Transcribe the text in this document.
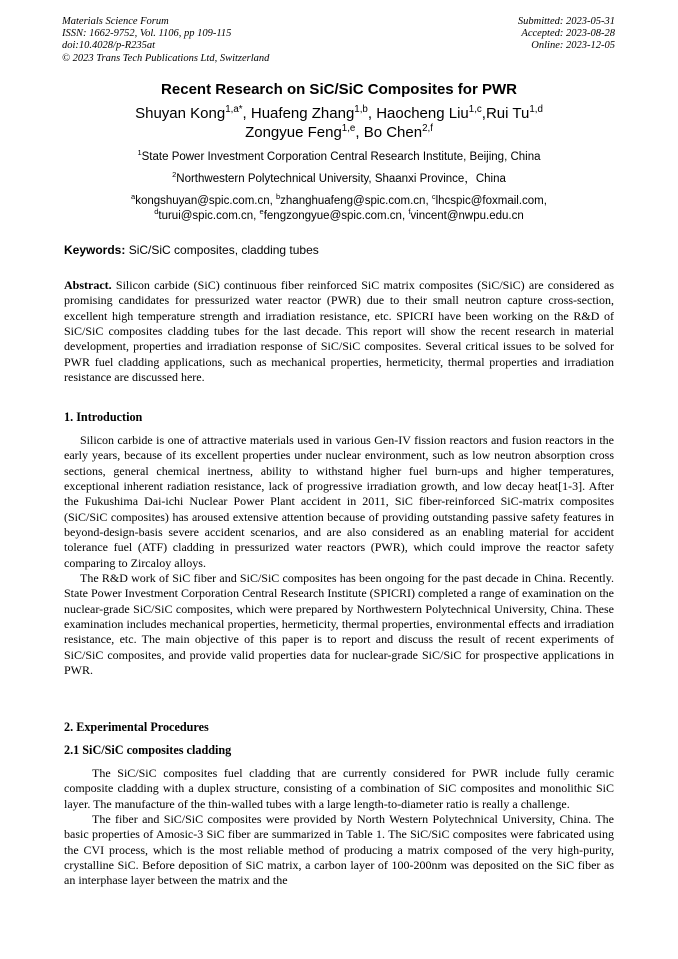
Materials Science Forum
ISSN: 1662-9752, Vol. 1106, pp 109-115
doi:10.4028/p-R235at
© 2023 Trans Tech Publications Ltd, Switzerland
Submitted: 2023-05-31
Accepted: 2023-08-28
Online: 2023-12-05
Recent Research on SiC/SiC Composites for PWR
Shuyan Kong$^{1,a*}$, Huafeng Zhang$^{1,b}$, Haocheng Liu$^{1,c}$,Rui Tu$^{1,d}$
Zongyue Feng$^{1,e}$, Bo Chen$^{2,f}$
$^1$State Power Investment Corporation Central Research Institute, Beijing, China
$^2$Northwestern Polytechnical University, Shaanxi Province，China
$^a$kongshuyan@spic.com.cn, $^b$zhanghuafeng@spic.com.cn, $^c$lhcspic@foxmail.com,
$^d$turui@spic.com.cn, $^e$fengzongyue@spic.com.cn, $^f$vincent@nwpu.edu.cn
Keywords: SiC/SiC composites, cladding tubes

Abstract. Silicon carbide (SiC) continuous fiber reinforced SiC matrix composites (SiC/SiC) are considered as promising candidates for pressurized water reactor (PWR) due to their small neutron capture cross-section, excellent high temperature strength and irradiation resistance, etc. SPICRI have been working on the R&D of SiC/SiC composites cladding tubes for the last decade. This report will show the recent research in material development, properties and irradiation response of SiC/SiC composites. Several critical issues to be solved for PWR fuel cladding applications, such as mechanical properties, hermeticity, thermal properties and irradiation resistance are discussed here.

1. Introduction

Silicon carbide is one of attractive materials used in various Gen-IV fission reactors and fusion reactors in the early years, because of its excellent properties under nuclear environment, such as low neutron absorption cross sections, general chemical inertness, ability to withstand higher fuel burn-ups and higher temperatures, exceptional inherent radiation resistance, lack of progressive irradiation growth, and low decay heat[1-3]. After the Fukushima Dai-ichi Nuclear Power Plant accident in 2011, SiC fiber-reinforced SiC-matrix composites (SiC/SiC composites) has aroused extensive attention because of providing outstanding passive safety features in beyond-design-basis severe accident scenarios, and are also considered as an enabling material for accident tolerance fuel (ATF) cladding in pressurized water reactors (PWR), which could improve the reactor safety comparing to Zircaloy alloys.

The R&D work of SiC fiber and SiC/SiC composites has been ongoing for the past decade in China. Recently. State Power Investment Corporation Central Research Institute (SPICRI) completed a range of examination on the nuclear-grade SiC/SiC composites, which were prepared by Northwestern Polytechnical University, China. These examination includes mechanical properties, hermeticity, thermal properties, environmental effects and irradiation resistance, etc. The main objective of this paper is to report and discuss the result of recent experiments of SiC/SiC composites, and provide valid properties data for nuclear-grade SiC/SiC for prospective applications in PWR.

2. Experimental Procedures
2.1 SiC/SiC composites cladding

The SiC/SiC composites fuel cladding that are currently considered for PWR include fully ceramic composite cladding with a duplex structure, consisting of a combination of SiC composites and monolithic SiC layer. The manufacture of the thin-walled tubes with a large length-to-diameter ratio is really a challenge.

The fiber and SiC/SiC composites were provided by North Western Polytechnical University, China. The basic properties of Amosic-3 SiC fiber are summarized in Table 1. The SiC/SiC composites were fabricated using the CVI process, which is the most reliable method of producing a matrix composed of the very high-purity, crystalline SiC. Before deposition of SiC matrix, a carbon layer of 100-200nm was deposited on the SiC fiber as an interphase layer between the matrix and the
